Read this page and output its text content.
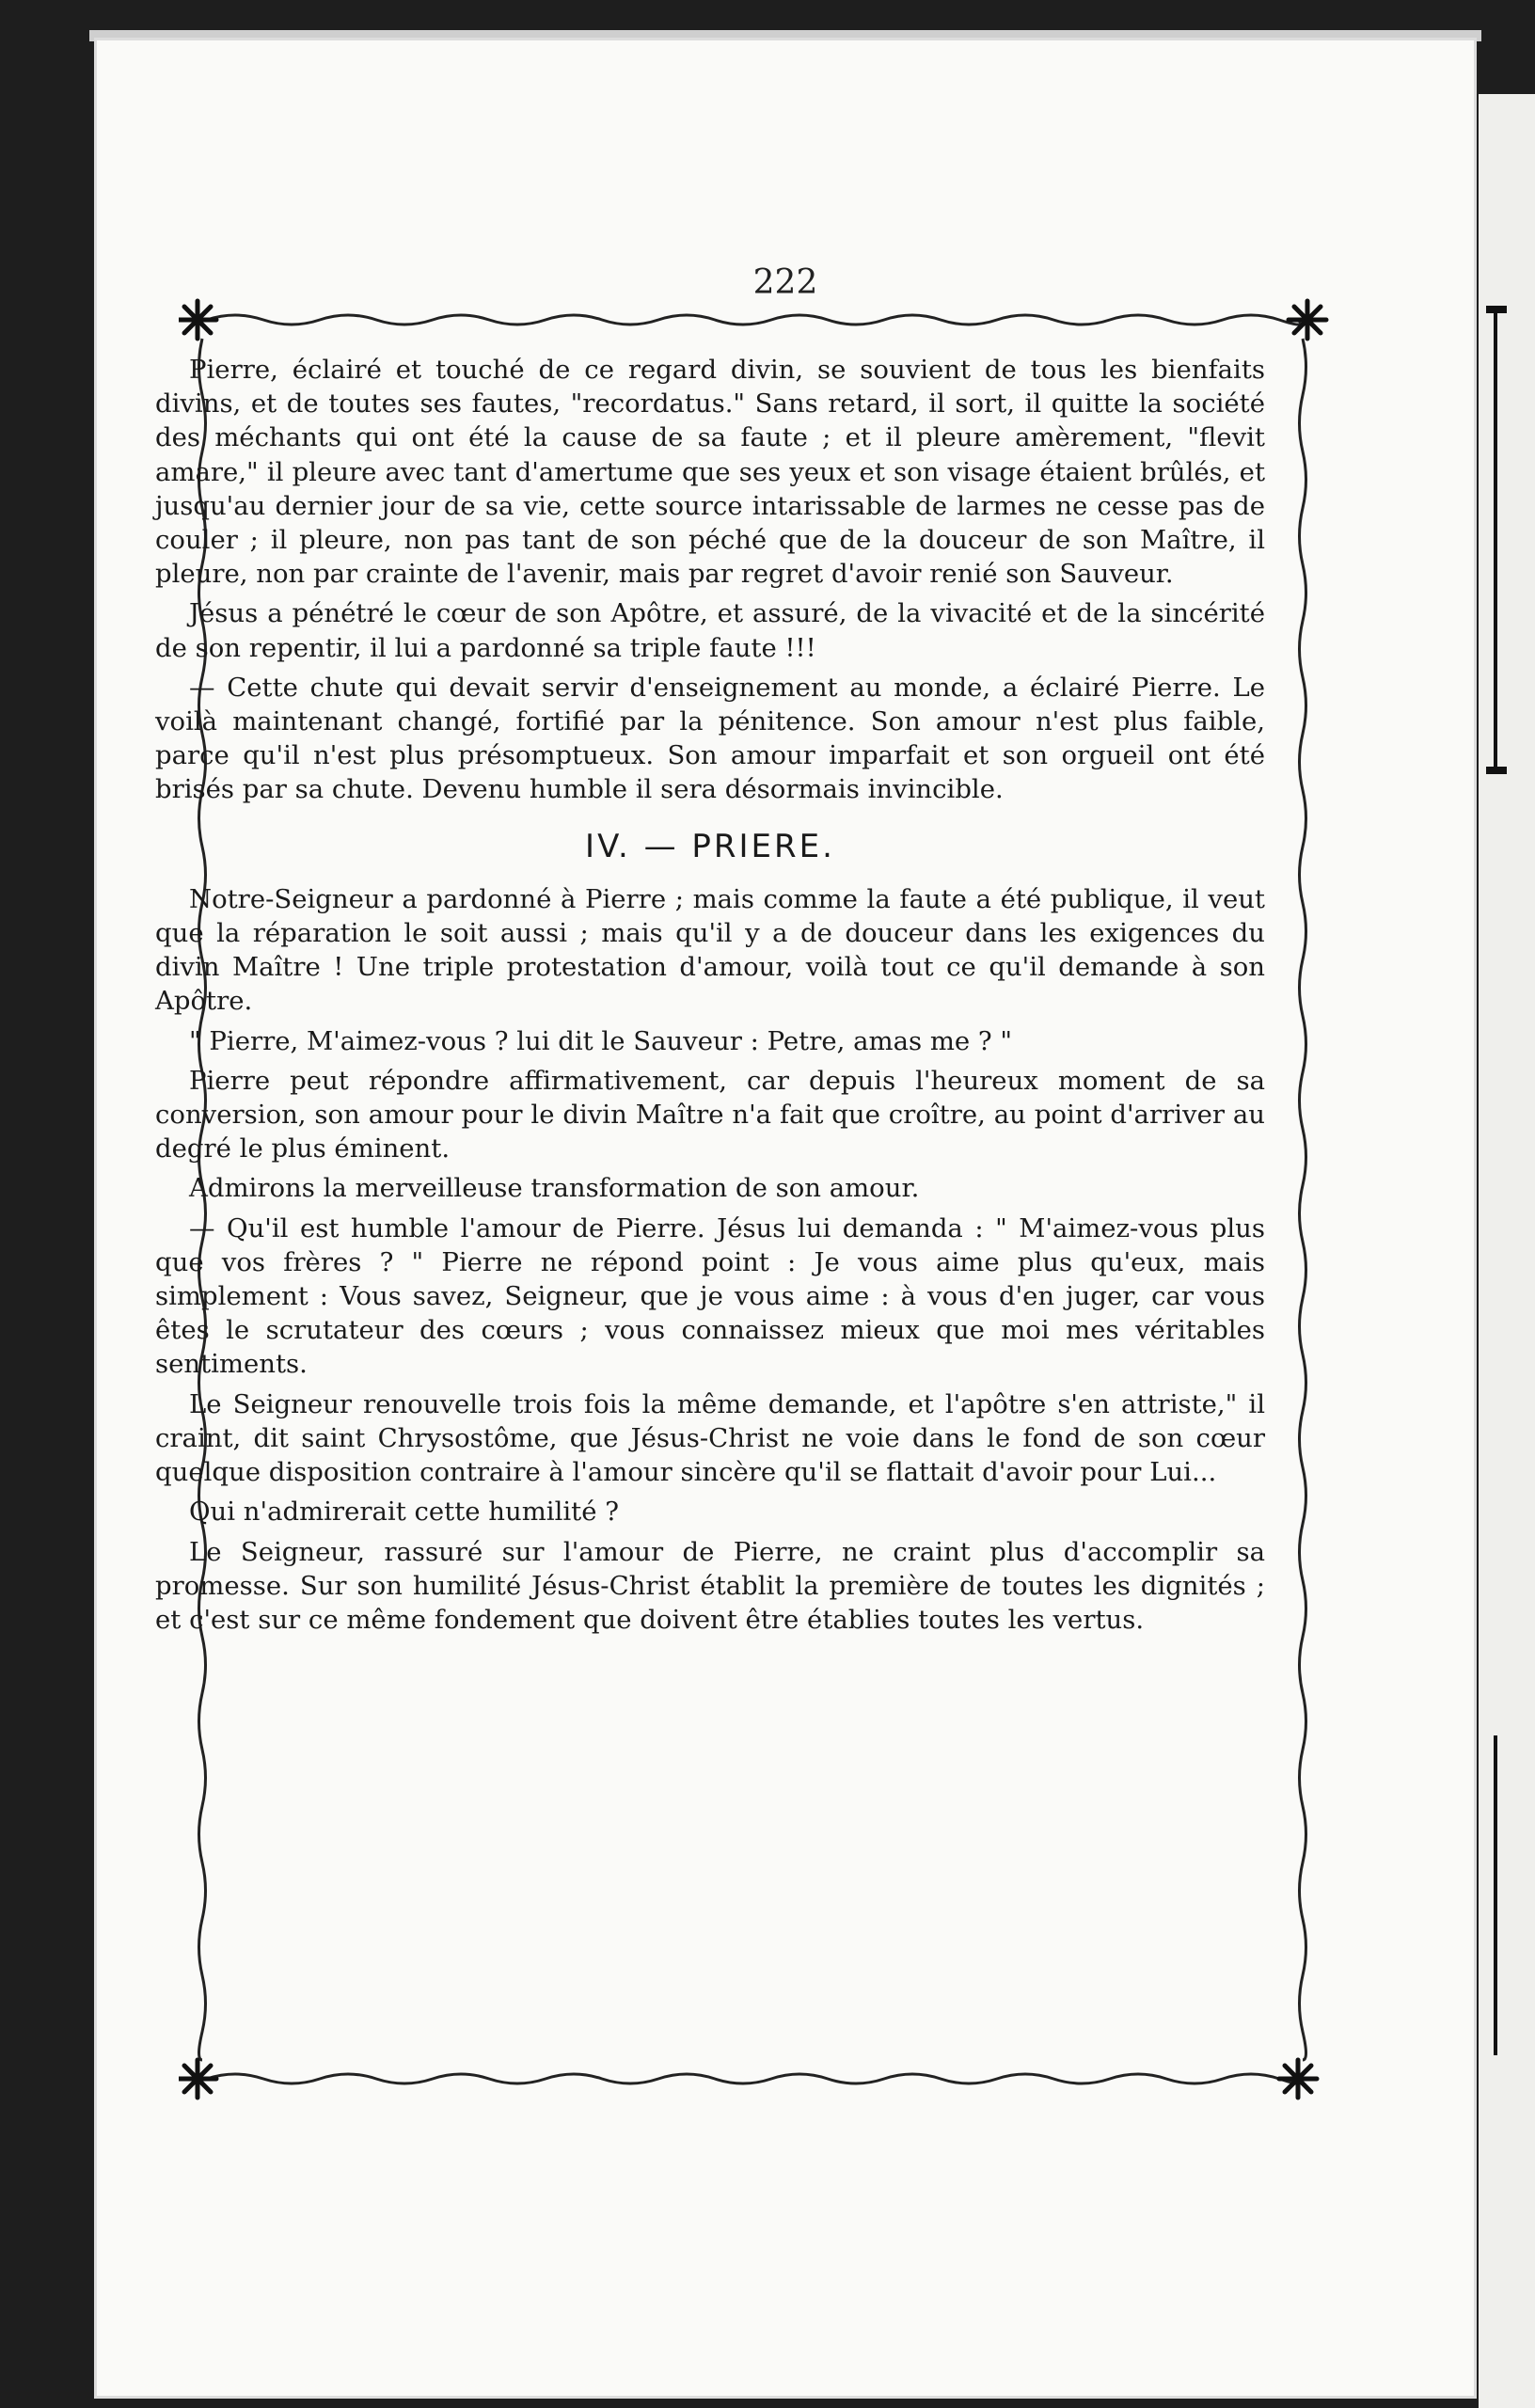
222

Pierre, éclairé et touché de ce regard divin, se souvient de tous les bienfaits divins, et de toutes ses fautes, "recordatus." Sans retard, il sort, il quitte la société des méchants qui ont été la cause de sa faute ; et il pleure amèrement, "flevit amare," il pleure avec tant d'amertume que ses yeux et son visage étaient brûlés, et jusqu'au dernier jour de sa vie, cette source intarissable de larmes ne cesse pas de couler ; il pleure, non pas tant de son péché que de la douceur de son Maître, il pleure, non par crainte de l'avenir, mais par regret d'avoir renié son Sauveur.

Jésus a pénétré le cœur de son Apôtre, et assuré, de la vivacité et de la sincérité de son repentir, il lui a pardonné sa triple faute !!!

— Cette chute qui devait servir d'enseignement au monde, a éclairé Pierre. Le voilà maintenant changé, fortifié par la pénitence. Son amour n'est plus faible, parce qu'il n'est plus présomptueux. Son amour imparfait et son orgueil ont été brisés par sa chute. Devenu humble il sera désormais invincible.

IV. — PRIERE.

Notre-Seigneur a pardonné à Pierre ; mais comme la faute a été publique, il veut que la réparation le soit aussi ; mais qu'il y a de douceur dans les exigences du divin Maître ! Une triple protestation d'amour, voilà tout ce qu'il demande à son Apôtre.

" Pierre, M'aimez-vous ? lui dit le Sauveur : Petre, amas me ? "

Pierre peut répondre affirmativement, car depuis l'heureux moment de sa conversion, son amour pour le divin Maître n'a fait que croître, au point d'arriver au degré le plus éminent.

Admirons la merveilleuse transformation de son amour.

— Qu'il est humble l'amour de Pierre. Jésus lui demanda : " M'aimez-vous plus que vos frères ? " Pierre ne répond point : Je vous aime plus qu'eux, mais simplement : Vous savez, Seigneur, que je vous aime : à vous d'en juger, car vous êtes le scrutateur des cœurs ; vous connaissez mieux que moi mes véritables sentiments.

Le Seigneur renouvelle trois fois la même demande, et l'apôtre s'en attriste," il craint, dit saint Chrysostôme, que Jésus-Christ ne voie dans le fond de son cœur quelque disposition contraire à l'amour sincère qu'il se flattait d'avoir pour Lui...

Qui n'admirerait cette humilité ?

Le Seigneur, rassuré sur l'amour de Pierre, ne craint plus d'accomplir sa promesse. Sur son humilité Jésus-Christ établit la première de toutes les dignités ; et c'est sur ce même fondement que doivent être établies toutes les vertus.
